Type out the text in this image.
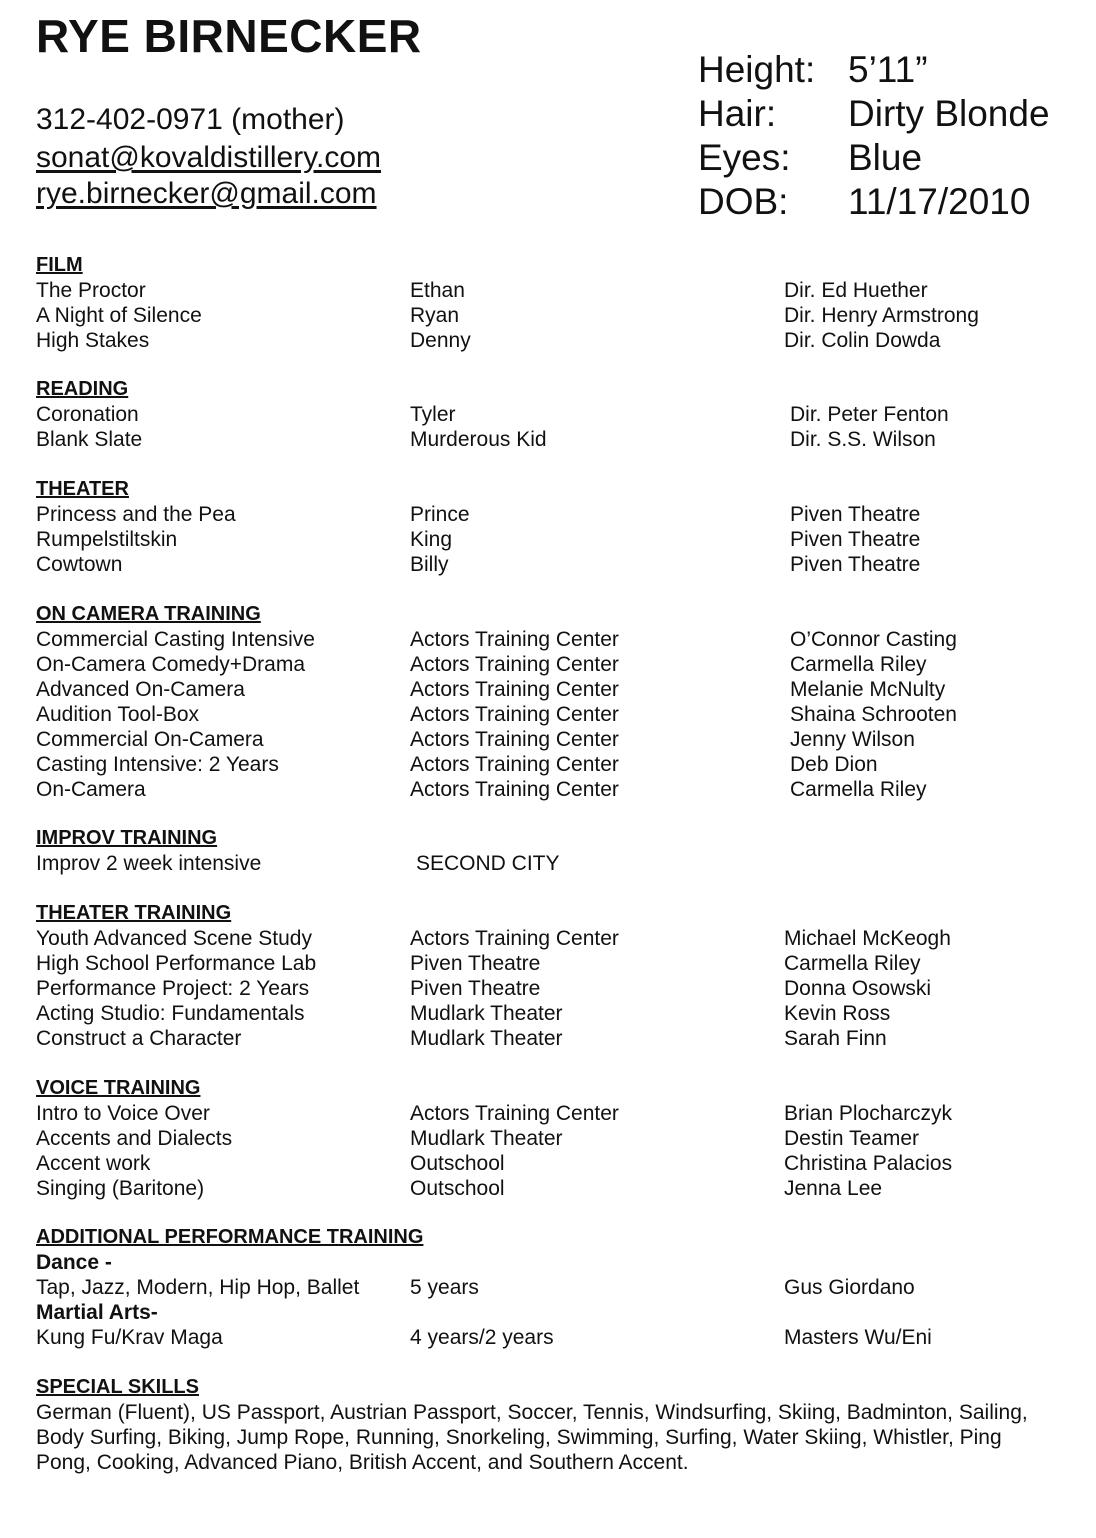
RYE BIRNECKER
312-402-0971 (mother)
sonat@kovaldistillery.com
rye.birnecker@gmail.com
Height: 5’11”
Hair: Dirty Blonde
Eyes: Blue
DOB: 11/17/2010
FILM
The Proctor	Ethan	Dir. Ed Huether
A Night of Silence	Ryan	Dir. Henry Armstrong
High Stakes	Denny	Dir. Colin Dowda
READING
Coronation	Tyler	Dir. Peter Fenton
Blank Slate	Murderous Kid	Dir. S.S. Wilson
THEATER
Princess and the Pea	Prince	Piven Theatre
Rumpelstiltskin	King	Piven Theatre
Cowtown	Billy	Piven Theatre
ON CAMERA TRAINING
Commercial Casting Intensive	Actors Training Center	O’Connor Casting
On-Camera Comedy+Drama	Actors Training Center	Carmella Riley
Advanced On-Camera	Actors Training Center	Melanie McNulty
Audition Tool-Box	Actors Training Center	Shaina Schrooten
Commercial On-Camera	Actors Training Center	Jenny Wilson
Casting Intensive: 2 Years	Actors Training Center	Deb Dion
On-Camera	Actors Training Center	Carmella Riley
IMPROV TRAINING
Improv 2 week intensive	SECOND CITY
THEATER TRAINING
Youth Advanced Scene Study	Actors Training Center	Michael McKeogh
High School Performance Lab	Piven Theatre	Carmella Riley
Performance Project: 2 Years	Piven Theatre	Donna Osowski
Acting Studio: Fundamentals	Mudlark Theater	Kevin Ross
Construct a Character	Mudlark Theater	Sarah Finn
VOICE TRAINING
Intro to Voice Over	Actors Training Center	Brian Plocharczyk
Accents and Dialects	Mudlark Theater	Destin Teamer
Accent work	Outschool	Christina Palacios
Singing (Baritone)	Outschool	Jenna Lee
ADDITIONAL PERFORMANCE TRAINING
Dance -
Tap, Jazz, Modern, Hip Hop, Ballet 5 years	Gus Giordano
Martial Arts-
Kung Fu/Krav Maga	4 years/2 years	Masters Wu/Eni
SPECIAL SKILLS
German (Fluent), US Passport, Austrian Passport, Soccer, Tennis, Windsurfing, Skiing, Badminton, Sailing, Body Surfing, Biking, Jump Rope, Running, Snorkeling, Swimming, Surfing, Water Skiing, Whistler, Ping Pong, Cooking, Advanced Piano, British Accent, and Southern Accent.
